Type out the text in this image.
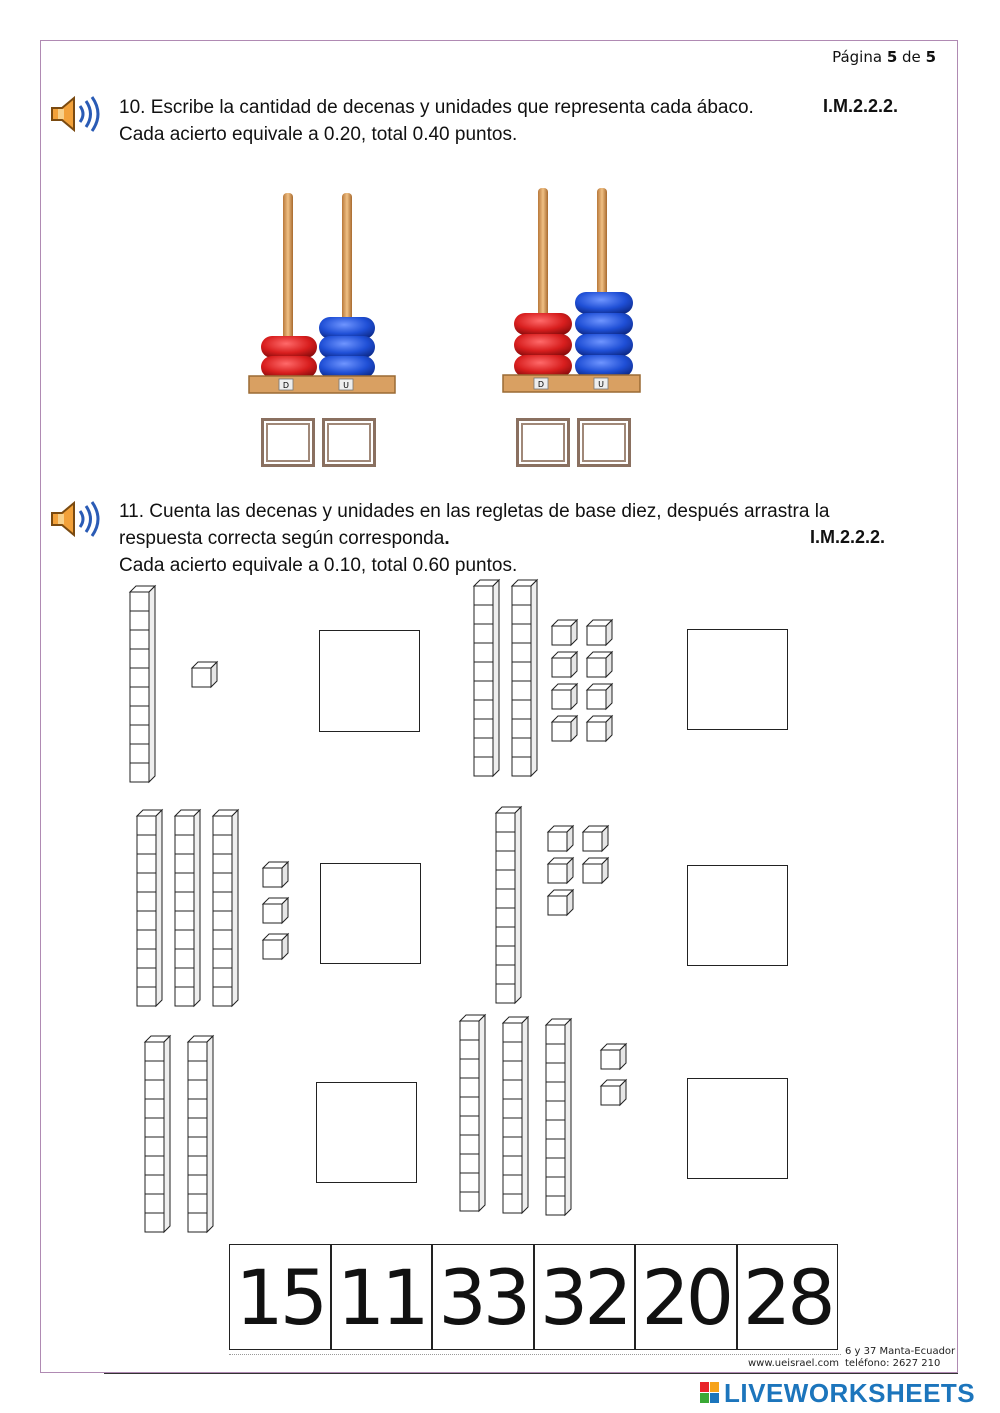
Página 5 de 5
10. Escribe la cantidad de decenas y unidades que representa cada ábaco.	I.M.2.2.2.
Cada acierto equivale a 0.20, total 0.40 puntos.
D	U	D	U
11. Cuenta las decenas y unidades en las regletas de base diez, después arrastra la
respuesta correcta según corresponda.	I.M.2.2.2.
Cada acierto equivale a 0.10, total 0.60 puntos.
15 11 33 32 20 28
6 y 37 Manta-Ecuador
www.ueisrael.com teléfono: 2627 210
LIVEWORKSHEETS
